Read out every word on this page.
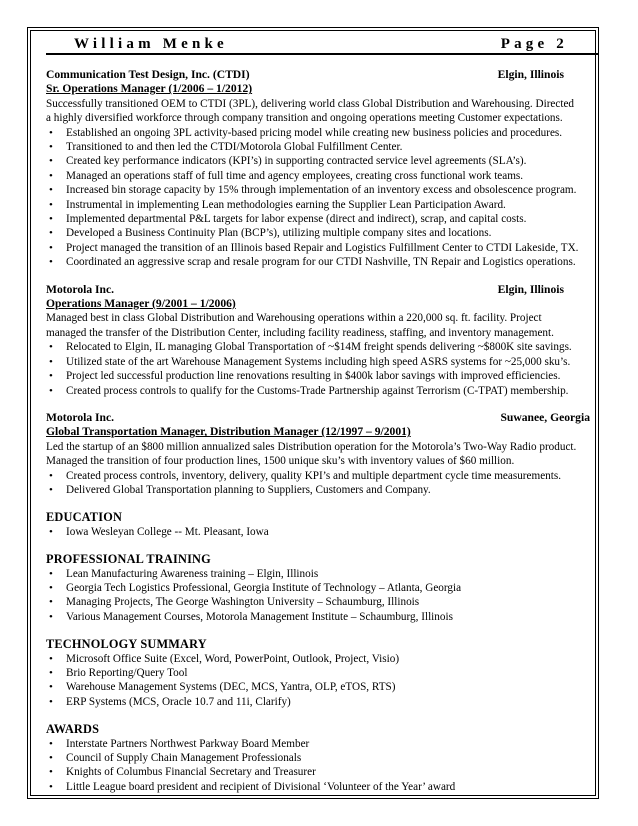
William Menke	Page 2
Communication Test Design, Inc. (CTDI)	Elgin, Illinois
Sr. Operations Manager (1/2006 – 1/2012)

Successfully transitioned OEM to CTDI (3PL), delivering world class Global Distribution and Warehousing. Directed

a highly diversified workforce through company transition and ongoing operations meeting Customer expectations.

• Established an ongoing 3PL activity-based pricing model while creating new business policies and procedures.
• Transitioned to and then led the CTDI/Motorola Global Fulfillment Center.
• Created key performance indicators (KPI’s) in supporting contracted service level agreements (SLA’s).
• Managed an operations staff of full time and agency employees, creating cross functional work teams.
• Increased bin storage capacity by 15% through implementation of an inventory excess and obsolescence program.
• Instrumental in implementing Lean methodologies earning the Supplier Lean Participation Award.
• Implemented departmental P&L targets for labor expense (direct and indirect), scrap, and capital costs.
• Developed a Business Continuity Plan (BCP’s), utilizing multiple company sites and locations.
• Project managed the transition of an Illinois based Repair and Logistics Fulfillment Center to CTDI Lakeside, TX.
• Coordinated an aggressive scrap and resale program for our CTDI Nashville, TN Repair and Logistics operations.
Motorola Inc.	Elgin, Illinois
Operations Manager (9/2001 – 1/2006)

Managed best in class Global Distribution and Warehousing operations within a 220,000 sq. ft. facility. Project

managed the transfer of the Distribution Center, including facility readiness, staffing, and inventory management.

• Relocated to Elgin, IL managing Global Transportation of ~$14M freight spends delivering ~$800K site savings.
• Utilized state of the art Warehouse Management Systems including high speed ASRS systems for ~25,000 sku’s.
• Project led successful production line renovations resulting in $400k labor savings with improved efficiencies.
• Created process controls to qualify for the Customs-Trade Partnership against Terrorism (C-TPAT) membership.
Motorola Inc.	Suwanee, Georgia
Global Transportation Manager, Distribution Manager (12/1997 – 9/2001)

Led the startup of an $800 million annualized sales Distribution operation for the Motorola’s Two-Way Radio product.

Managed the transition of four production lines, 1500 unique sku’s with inventory values of $60 million.

• Created process controls, inventory, delivery, quality KPI’s and multiple department cycle time measurements.
• Delivered Global Transportation planning to Suppliers, Customers and Company.
EDUCATION
• Iowa Wesleyan College -- Mt. Pleasant, Iowa
PROFESSIONAL TRAINING
• Lean Manufacturing Awareness training – Elgin, Illinois
• Georgia Tech Logistics Professional, Georgia Institute of Technology – Atlanta, Georgia
• Managing Projects, The George Washington University – Schaumburg, Illinois
• Various Management Courses, Motorola Management Institute – Schaumburg, Illinois
TECHNOLOGY SUMMARY
• Microsoft Office Suite (Excel, Word, PowerPoint, Outlook, Project, Visio)
• Brio Reporting/Query Tool
• Warehouse Management Systems (DEC, MCS, Yantra, OLP, eTOS, RTS)
• ERP Systems (MCS, Oracle 10.7 and 11i, Clarify)
AWARDS
• Interstate Partners Northwest Parkway Board Member
• Council of Supply Chain Management Professionals
• Knights of Columbus Financial Secretary and Treasurer
• Little League board president and recipient of Divisional ‘Volunteer of the Year’ award
